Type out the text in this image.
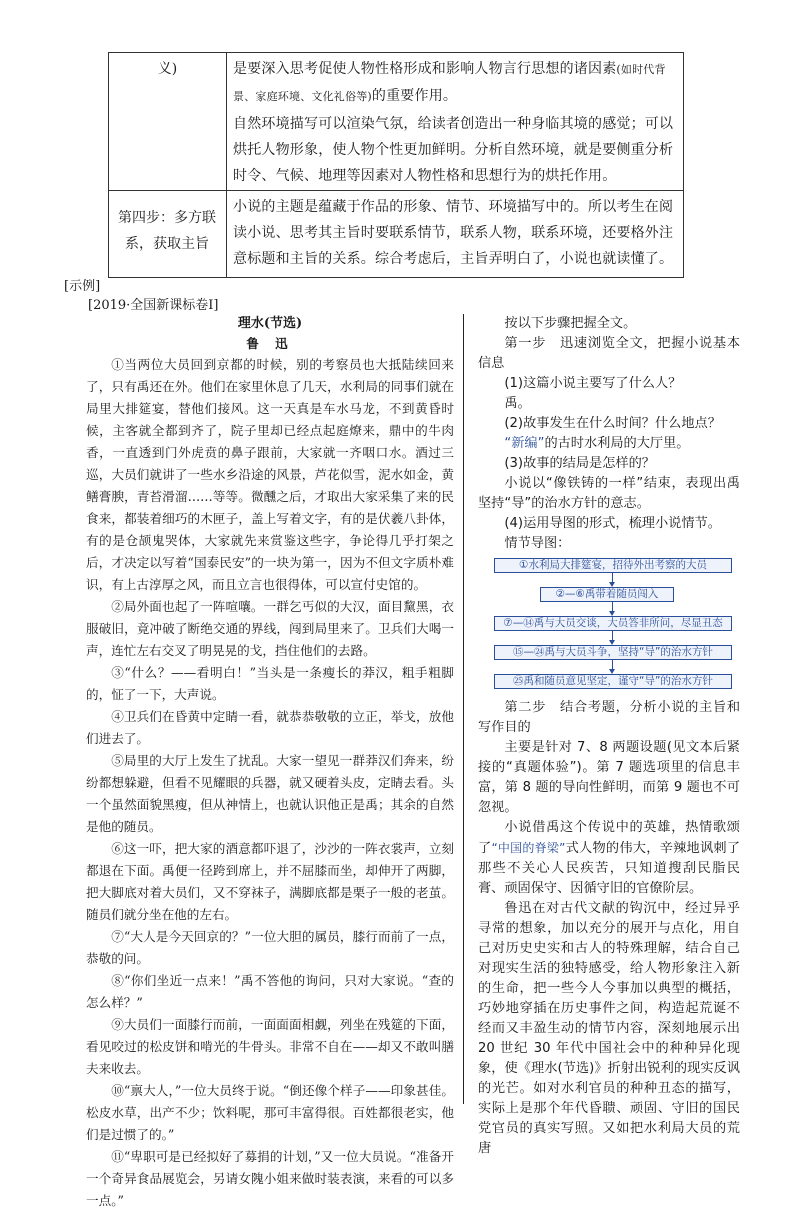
义)	是要深入思考促使人物性格形成和影响人物言行思想的诸因素(如时代背景、家庭环境、文化礼俗等)的重要作用。
自然环境描写可以渲染气氛，给读者创造出一种身临其境的感觉；可以烘托人物形象，使人物个性更加鲜明。分析自然环境，就是要侧重分析时令、气候、地理等因素对人物性格和思想行为的烘托作用。
第四步：多方联系，获取主旨
小说的主题是蕴藏于作品的形象、情节、环境描写中的。所以考生在阅读小说、思考其主旨时要联系情节，联系人物，联系环境，还要格外注意标题和主旨的关系。综合考虑后，主旨弄明白了，小说也就读懂了。
[示例]
[2019·全国新课标卷Ⅰ]
理水(节选)
鲁 迅

①当两位大员回到京都的时候，别的考察员也大抵陆续回来了，只有禹还在外。他们在家里休息了几天，水利局的同事们就在局里大排筵宴，替他们接风。这一天真是车水马龙，不到黄昏时候，主客就全都到齐了，院子里却已经点起庭燎来，鼎中的牛肉香，一直透到门外虎贲的鼻子跟前，大家就一齐咽口水。酒过三巡，大员们就讲了一些水乡沿途的风景，芦花似雪，泥水如金，黄鳝膏腴，青苔滑溜……等等。微醺之后，才取出大家采集了来的民食来，都装着细巧的木匣子，盖上写着文字，有的是伏羲八卦体，有的是仓颉鬼哭体，大家就先来赏鉴这些字，争论得几乎打架之后，才决定以写着“国泰民安”的一块为第一，因为不但文字质朴难识，有上古淳厚之风，而且立言也很得体，可以宣付史馆的。

②局外面也起了一阵喧嚷。一群乞丐似的大汉，面目黧黑，衣服破旧，竟冲破了断绝交通的界线，闯到局里来了。卫兵们大喝一声，连忙左右交叉了明晃晃的戈，挡住他们的去路。

③“什么？——看明白！”当头是一条瘦长的莽汉，粗手粗脚的，怔了一下，大声说。

④卫兵们在昏黄中定睛一看，就恭恭敬敬的立正，举戈，放他们进去了。

⑤局里的大厅上发生了扰乱。大家一望见一群莽汉们奔来，纷纷都想躲避，但看不见耀眼的兵器，就又硬着头皮，定睛去看。头一个虽然面貌黑瘦，但从神情上，也就认识他正是禹；其余的自然是他的随员。

⑥这一吓，把大家的酒意都吓退了，沙沙的一阵衣裳声，立刻都退在下面。禹便一径跨到席上，并不屈膝而坐，却伸开了两脚，把大脚底对着大员们，又不穿袜子，满脚底都是栗子一般的老茧。随员们就分坐在他的左右。

⑦“大人是今天回京的？”一位大胆的属员，膝行而前了一点，恭敬的问。

⑧“你们坐近一点来！”禹不答他的询问，只对大家说。“查的怎么样？”

⑨大员们一面膝行而前，一面面面相觑，列坐在残筵的下面，看见咬过的松皮饼和啃光的牛骨头。非常不自在——却又不敢叫膳夫来收去。

⑩“禀大人，”一位大员终于说。“倒还像个样子——印象甚佳。松皮水草，出产不少；饮料呢，那可丰富得很。百姓都很老实，他们是过惯了的。”

⑪“卑职可是已经拟好了募捐的计划，”又一位大员说。“准备开一个奇异食品展览会，另请女隗小姐来做时装表演，来看的可以多一点。”

按以下步骤把握全文。

第一步　 迅速浏览全文，把握小说基本信息

(1)这篇小说主要写了什么人？

禹。

(2)故事发生在什么时间？什么地点？

“新编”的古时水利局的大厅里。

(3)故事的结局是怎样的？

小说以“像铁铸的一样”结束，表现出禹坚持“导”的治水方针的意志。

(4)运用导图的形式，梳理小说情节。

情节导图：

①水利局大排筵宴，招待外出考察的大员
②—⑥禹带着随员闯入
⑦—⑭禹与大员交谈，大员答非所问，尽显丑态
⑮—㉔禹与大员斗争，坚持“导”的治水方针
㉕禹和随员意见坚定，谨守“导”的治水方针

第二步　 结合考题，分析小说的主旨和写作目的

主要是针对 7、8 两题设题(见文本后紧接的“真题体验”)。第 7 题选项里的信息丰富，第 8 题的导向性鲜明，而第 9 题也不可忽视。

小说借禹这个传说中的英雄，热情歌颂了“中国的脊梁”式人物的伟大，辛辣地讽刺了那些不关心人民疾苦，只知道搜刮民脂民膏、顽固保守、因循守旧的官僚阶层。

鲁迅在对古代文献的钩沉中，经过异乎寻常的想象，加以充分的展开与点化，用自己对历史史实和古人的特殊理解，结合自己对现实生活的独特感受，给人物形象注入新的生命，把一些今人今事加以典型的概括，巧妙地穿插在历史事件之间，构造起荒诞不经而又丰盈生动的情节内容，深刻地展示出 20 世纪 30 年代中国社会中的种种异化现象，使《理水(节选)》折射出锐利的现实反讽的光芒。如对水利官员的种种丑态的描写，实际上是那个年代昏聩、顽固、守旧的国民党官员的真实写照。又如把水利局大员的荒唐
